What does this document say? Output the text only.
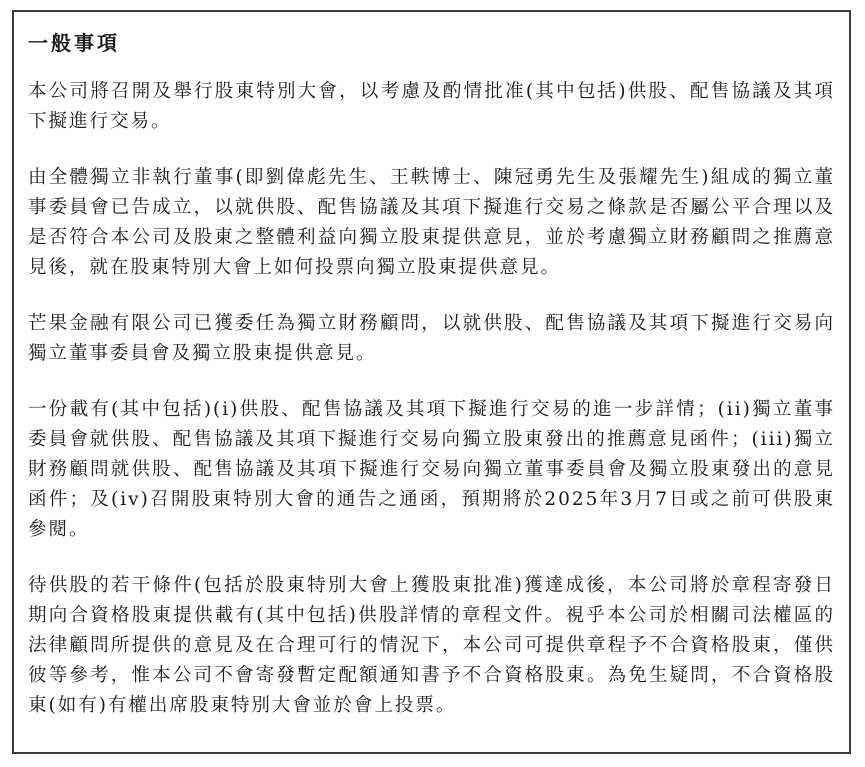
一般事項

本公司將召開及舉行股東特別大會，以考慮及酌情批准(其中包括)供股、配售協議及其項下擬進行交易。

由全體獨立非執行董事(即劉偉彪先生、王軼博士、陳冠勇先生及張耀先生)組成的獨立董事委員會已告成立，以就供股、配售協議及其項下擬進行交易之條款是否屬公平合理以及是否符合本公司及股東之整體利益向獨立股東提供意見，並於考慮獨立財務顧問之推薦意見後，就在股東特別大會上如何投票向獨立股東提供意見。

芒果金融有限公司已獲委任為獨立財務顧問，以就供股、配售協議及其項下擬進行交易向獨立董事委員會及獨立股東提供意見。

一份載有(其中包括)(i)供股、配售協議及其項下擬進行交易的進一步詳情；(ii)獨立董事委員會就供股、配售協議及其項下擬進行交易向獨立股東發出的推薦意見函件；(iii)獨立財務顧問就供股、配售協議及其項下擬進行交易向獨立董事委員會及獨立股東發出的意見函件；及(iv)召開股東特別大會的通告之通函，預期將於2025年3月7日或之前可供股東參閱。

待供股的若干條件(包括於股東特別大會上獲股東批准)獲達成後，本公司將於章程寄發日期向合資格股東提供載有(其中包括)供股詳情的章程文件。視乎本公司於相關司法權區的法律顧問所提供的意見及在合理可行的情況下，本公司可提供章程予不合資格股東，僅供彼等參考，惟本公司不會寄發暫定配額通知書予不合資格股東。為免生疑問，不合資格股東(如有)有權出席股東特別大會並於會上投票。
